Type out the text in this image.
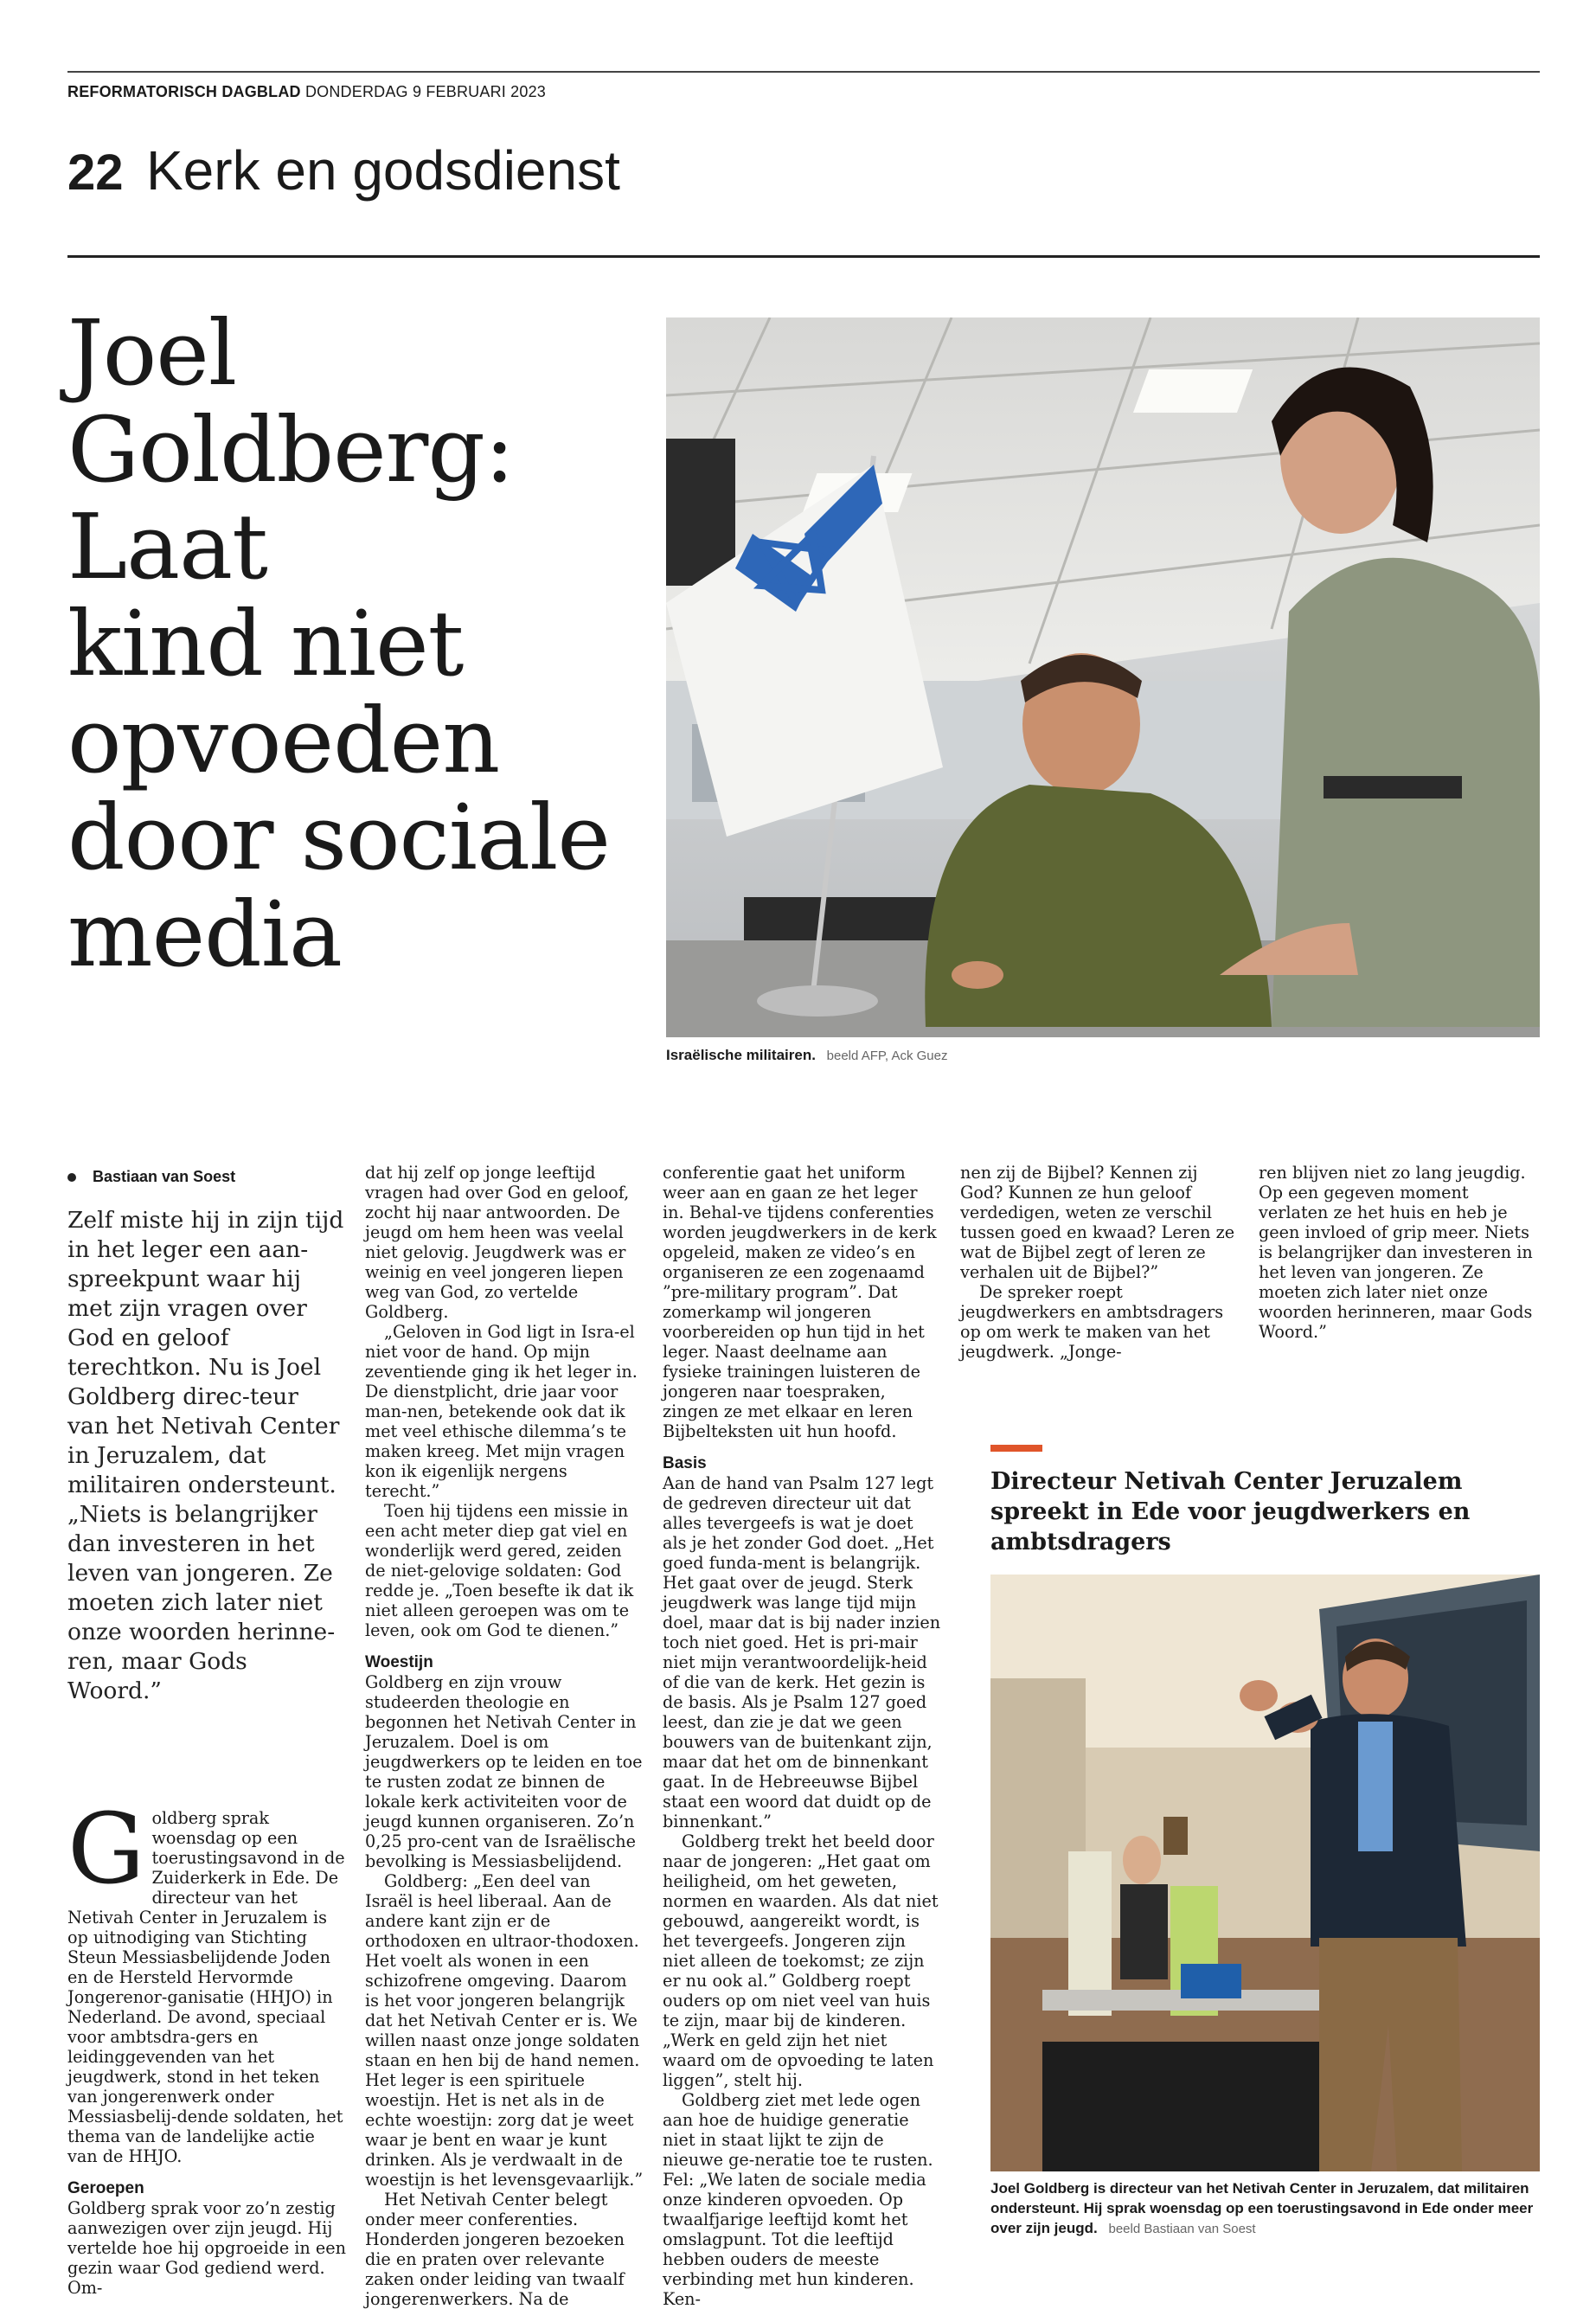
REFORMATORISCH DAGBLAD DONDERDAG 9 FEBRUARI 2023
22 Kerk en godsdienst
Joel
Goldberg:
Laat
kind niet
opvoeden
door sociale
media
Israëlische militairen. beeld AFP, Ack Guez
Bastiaan van Soest
Zelf miste hij in zijn tijd in het leger een aan-spreekpunt waar hij met zijn vragen over God en geloof terechtkon. Nu is Joel Goldberg direc-teur van het Netivah Center in Jeruzalem, dat militairen ondersteunt. „Niets is belangrijker dan investeren in het leven van jongeren. Ze moeten zich later niet onze woorden herinne-ren, maar Gods Woord.”
G oldberg sprak woensdag op een toerustingsavond in de Zuiderkerk in Ede. De directeur van het Netivah Center in Jeruzalem is op uitnodiging van Stichting Steun Messiasbelijdende Joden en de Hersteld Hervormde Jongerenor-ganisatie (HHJO) in Nederland. De avond, speciaal voor ambtsdra-gers en leidinggevenden van het jeugdwerk, stond in het teken van jongerenwerk onder Messiasbelij-dende soldaten, het thema van de landelijke actie van de HHJO.

Geroepen

Goldberg sprak voor zo’n zestig aanwezigen over zijn jeugd. Hij vertelde hoe hij opgroeide in een gezin waar God gediend werd. Om-

dat hij zelf op jonge leeftijd vragen had over God en geloof, zocht hij naar antwoorden. De jeugd om hem heen was veelal niet gelovig. Jeugdwerk was er weinig en veel jongeren liepen weg van God, zo vertelde Goldberg.

„Geloven in God ligt in Isra-el niet voor de hand. Op mijn zeventiende ging ik het leger in. De dienstplicht, drie jaar voor man-nen, betekende ook dat ik met veel ethische dilemma’s te maken kreeg. Met mijn vragen kon ik eigenlijk nergens terecht.”

Toen hij tijdens een missie in een acht meter diep gat viel en wonderlijk werd gered, zeiden de niet-gelovige soldaten: God redde je. „Toen besefte ik dat ik niet alleen geroepen was om te leven, ook om God te dienen.”

Woestijn

Goldberg en zijn vrouw studeerden theologie en begonnen het Netivah Center in Jeruzalem. Doel is om jeugdwerkers op te leiden en toe te rusten zodat ze binnen de lokale kerk activiteiten voor de jeugd kunnen organiseren. Zo’n 0,25 pro-cent van de Israëlische bevolking is Messiasbelijdend.

Goldberg: „Een deel van Israël is heel liberaal. Aan de andere kant zijn er de orthodoxen en ultraor-thodoxen. Het voelt als wonen in een schizofrene omgeving. Daarom is het voor jongeren belangrijk dat het Netivah Center er is. We willen naast onze jonge soldaten staan en hen bij de hand nemen. Het leger is een spirituele woestijn. Het is net als in de echte woestijn: zorg dat je weet waar je bent en waar je kunt drinken. Als je verdwaalt in de woestijn is het levensgevaarlijk.”

Het Netivah Center belegt onder meer conferenties. Honderden jongeren bezoeken die en praten over relevante zaken onder leiding van twaalf jongerenwerkers. Na de

conferentie gaat het uniform weer aan en gaan ze het leger in. Behal-ve tijdens conferenties worden jeugdwerkers in de kerk opgeleid, maken ze video’s en organiseren ze een zogenaamd ”pre-military program”. Dat zomerkamp wil jongeren voorbereiden op hun tijd in het leger. Naast deelname aan fysieke trainingen luisteren de jongeren naar toespraken, zingen ze met elkaar en leren Bijbelteksten uit hun hoofd.

Basis

Aan de hand van Psalm 127 legt de gedreven directeur uit dat alles tevergeefs is wat je doet als je het zonder God doet. „Het goed funda-ment is belangrijk. Het gaat over de jeugd. Sterk jeugdwerk was lange tijd mijn doel, maar dat is bij nader inzien toch niet goed. Het is pri-mair niet mijn verantwoordelijk-heid of die van de kerk. Het gezin is de basis. Als je Psalm 127 goed leest, dan zie je dat we geen bouwers van de buitenkant zijn, maar dat het om de binnenkant gaat. In de Hebreeuwse Bijbel staat een woord dat duidt op de binnenkant.”

Goldberg trekt het beeld door naar de jongeren: „Het gaat om heiligheid, om het geweten, normen en waarden. Als dat niet gebouwd, aangereikt wordt, is het tevergeefs. Jongeren zijn niet alleen de toekomst; ze zijn er nu ook al.” Goldberg roept ouders op om niet veel van huis te zijn, maar bij de kinderen. „Werk en geld zijn het niet waard om de opvoeding te laten liggen”, stelt hij.

Goldberg ziet met lede ogen aan hoe de huidige generatie niet in staat lijkt te zijn de nieuwe ge-neratie toe te rusten. Fel: „We laten de sociale media onze kinderen opvoeden. Op twaalfjarige leeftijd komt het omslagpunt. Tot die leeftijd hebben ouders de meeste verbinding met hun kinderen. Ken-

nen zij de Bijbel? Kennen zij God? Kunnen ze hun geloof verdedigen, weten ze verschil tussen goed en kwaad? Leren ze wat de Bijbel zegt of leren ze verhalen uit de Bijbel?”

De spreker roept jeugdwerkers en ambtsdragers op om werk te maken van het jeugdwerk. „Jonge-

ren blijven niet zo lang jeugdig. Op een gegeven moment verlaten ze het huis en heb je geen invloed of grip meer. Niets is belangrijker dan investeren in het leven van jongeren. Ze moeten zich later niet onze woorden herinneren, maar Gods Woord.”

Directeur Netivah Center Jeruzalem spreekt in Ede voor jeugdwerkers en ambtsdragers
Joel Goldberg is directeur van het Netivah Center in Jeruzalem, dat militairen ondersteunt. Hij sprak woensdag op een toerustingsavond in Ede onder meer over zijn jeugd. beeld Bastiaan van Soest
